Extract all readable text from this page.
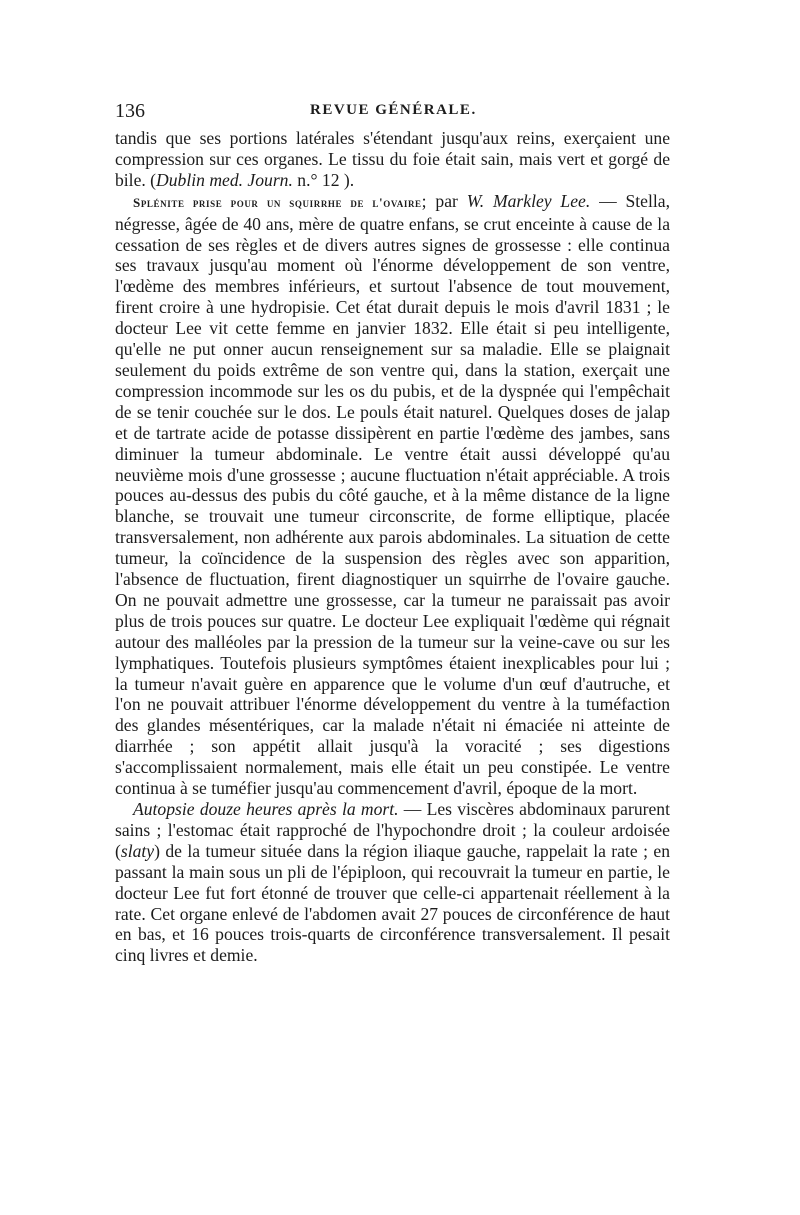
136	REVUE GÉNÉRALE.

tandis que ses portions latérales s'étendant jusqu'aux reins, exerçaient une compression sur ces organes. Le tissu du foie était sain, mais vert et gorgé de bile. (Dublin med. Journ. n.° 12 ).

Splénite prise pour un squirrhe de l'ovaire; par W. Markley Lee. — Stella, négresse, âgée de 40 ans, mère de quatre enfans, se crut enceinte à cause de la cessation de ses règles et de divers autres signes de grossesse : elle continua ses travaux jusqu'au moment où l'énorme développement de son ventre, l'œdème des membres inférieurs, et surtout l'absence de tout mouvement, firent croire à une hydropisie. Cet état durait depuis le mois d'avril 1831 ; le docteur Lee vit cette femme en janvier 1832. Elle était si peu intelligente, qu'elle ne put onner aucun renseignement sur sa maladie. Elle se plaignait seulement du poids extrême de son ventre qui, dans la station, exerçait une compression incommode sur les os du pubis, et de la dyspnée qui l'empêchait de se tenir couchée sur le dos. Le pouls était naturel. Quelques doses de jalap et de tartrate acide de potasse dissipèrent en partie l'œdème des jambes, sans diminuer la tumeur abdominale. Le ventre était aussi développé qu'au neuvième mois d'une grossesse ; aucune fluctuation n'était appréciable. A trois pouces au-dessus des pubis du côté gauche, et à la même distance de la ligne blanche, se trouvait une tumeur circonscrite, de forme elliptique, placée transversalement, non adhérente aux parois abdominales. La situation de cette tumeur, la coïncidence de la suspension des règles avec son apparition, l'absence de fluctuation, firent diagnostiquer un squirrhe de l'ovaire gauche. On ne pouvait admettre une grossesse, car la tumeur ne paraissait pas avoir plus de trois pouces sur quatre. Le docteur Lee expliquait l'œdème qui régnait autour des malléoles par la pression de la tumeur sur la veine-cave ou sur les lymphatiques. Toutefois plusieurs symptômes étaient inexplicables pour lui ; la tumeur n'avait guère en apparence que le volume d'un œuf d'autruche, et l'on ne pouvait attribuer l'énorme développement du ventre à la tuméfaction des glandes mésentériques, car la malade n'était ni émaciée ni atteinte de diarrhée ; son appétit allait jusqu'à la voracité ; ses digestions s'accomplissaient normalement, mais elle était un peu constipée. Le ventre continua à se tuméfier jusqu'au commencement d'avril, époque de la mort.

Autopsie douze heures après la mort. — Les viscères abdominaux parurent sains ; l'estomac était rapproché de l'hypochondre droit ; la couleur ardoisée (slaty) de la tumeur située dans la région iliaque gauche, rappelait la rate ; en passant la main sous un pli de l'épiploon, qui recouvrait la tumeur en partie, le docteur Lee fut fort étonné de trouver que celle-ci appartenait réellement à la rate. Cet organe enlevé de l'abdomen avait 27 pouces de circonférence de haut en bas, et 16 pouces trois-quarts de circonférence transversalement. Il pesait cinq livres et demie.
